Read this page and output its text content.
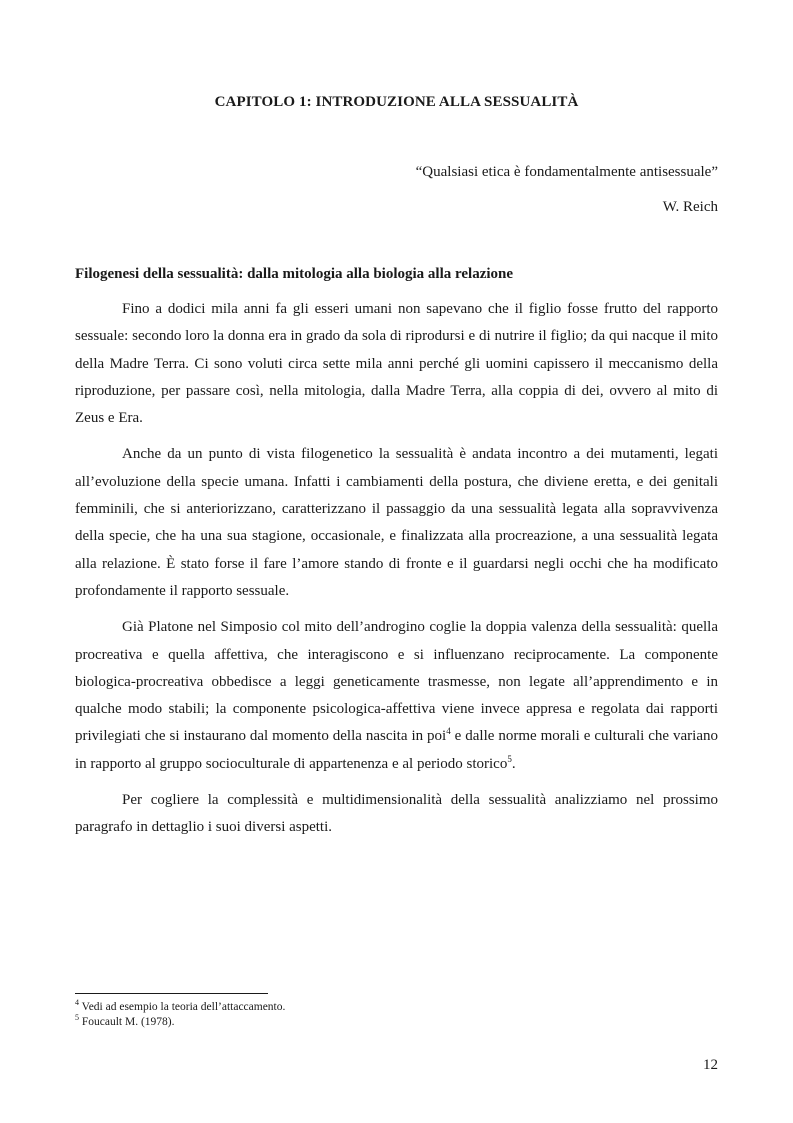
CAPITOLO 1: INTRODUZIONE ALLA SESSUALITÀ

“Qualsiasi etica è fondamentalmente antisessuale”

W. Reich

Filogenesi della sessualità: dalla mitologia alla biologia alla relazione

Fino a dodici mila anni fa gli esseri umani non sapevano che il figlio fosse frutto del rapporto sessuale: secondo loro la donna era in grado da sola di riprodursi e di nutrire il figlio; da qui nacque il mito della Madre Terra. Ci sono voluti circa sette mila anni perché gli uomini capissero il meccanismo della riproduzione, per passare così, nella mitologia, dalla Madre Terra, alla coppia di dei, ovvero al mito di Zeus e Era.

Anche da un punto di vista filogenetico la sessualità è andata incontro a dei mutamenti, legati all’evoluzione della specie umana. Infatti i cambiamenti della postura, che diviene eretta, e dei genitali femminili, che si anteriorizzano, caratterizzano il passaggio da una sessualità legata alla sopravvivenza della specie, che ha una sua stagione, occasionale, e finalizzata alla procreazione, a una sessualità legata alla relazione. È stato forse il fare l’amore stando di fronte e il guardarsi negli occhi che ha modificato profondamente il rapporto sessuale.

Già Platone nel Simposio col mito dell’androgino coglie la doppia valenza della sessualità: quella procreativa e quella affettiva, che interagiscono e si influenzano reciprocamente. La componente biologica-procreativa obbedisce a leggi geneticamente trasmesse, non legate all’apprendimento e in qualche modo stabili; la componente psicologica-affettiva viene invece appresa e regolata dai rapporti privilegiati che si instaurano dal momento della nascita in poi$^4$ e dalle norme morali e culturali che variano in rapporto al gruppo socioculturale di appartenenza e al periodo storico$^5$.

Per cogliere la complessità e multidimensionalità della sessualità analizziamo nel prossimo paragrafo in dettaglio i suoi diversi aspetti.

$^4$ Vedi ad esempio la teoria dell’attaccamento.

$^5$ Foucault M. (1978).

12
